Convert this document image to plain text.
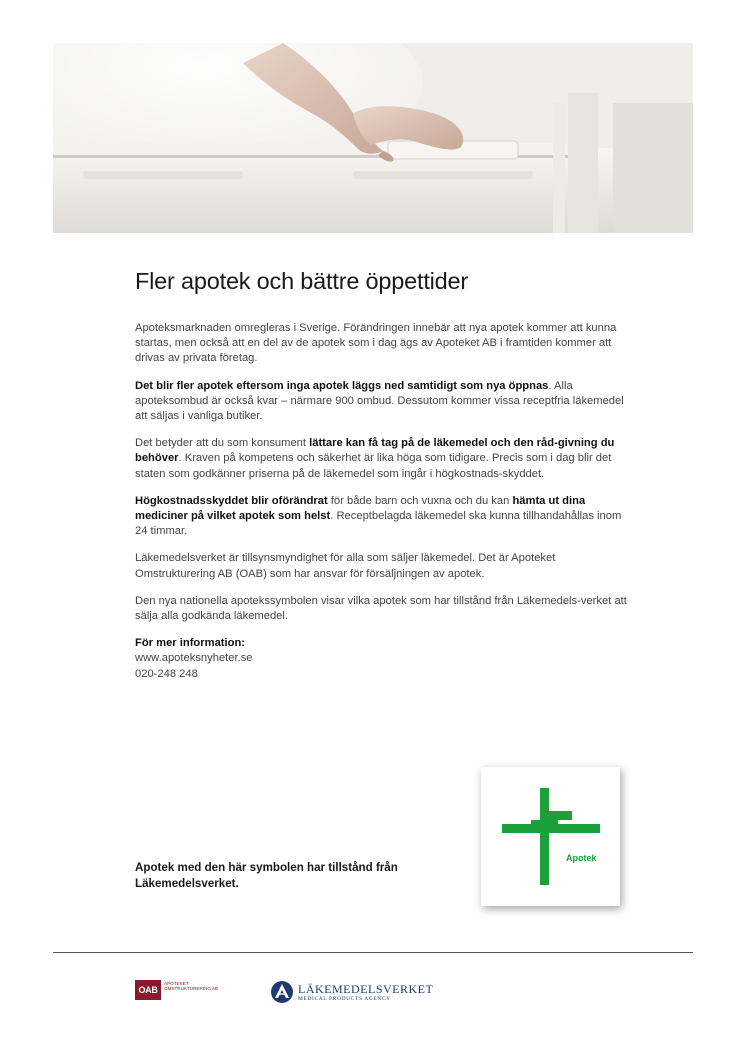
Fler apotek och bättre öppettider

Apoteksmarknaden omregleras i Sverige. Förändringen innebär att nya apotek kommer att kunna startas, men också att en del av de apotek som i dag ägs av Apoteket AB i framtiden kommer att drivas av privata företag.

Det blir fler apotek eftersom inga apotek läggs ned samtidigt som nya öppnas. Alla apoteksombud är också kvar – närmare 900 ombud. Dessutom kommer vissa receptfria läkemedel att säljas i vanliga butiker.

Det betyder att du som konsument lättare kan få tag på de läkemedel och den råd-givning du behöver. Kraven på kompetens och säkerhet är lika höga som tidigare. Precis som i dag blir det staten som godkänner priserna på de läkemedel som ingår i högkostnads-skyddet.

Högkostnadsskyddet blir oförändrat för både barn och vuxna och du kan hämta ut dina mediciner på vilket apotek som helst. Receptbelagda läkemedel ska kunna tillhandahållas inom 24 timmar.

Läkemedelsverket är tillsynsmyndighet för alla som säljer läkemedel. Det är Apoteket Omstrukturering AB (OAB) som har ansvar för försäljningen av apotek.

Den nya nationella apotekssymbolen visar vilka apotek som har tillstånd från Läkemedels-verket att sälja alla godkända läkemedel.

För mer information:
www.apoteksnyheter.se
020-248 248
Apotek med den här symbolen har tillstånd från Läkemedelsverket.
Apotek
OAB
APOTEKET OMSTRUKTURERING AB	LÄKEMEDELSVERKET
MEDICAL PRODUCTS AGENCY
